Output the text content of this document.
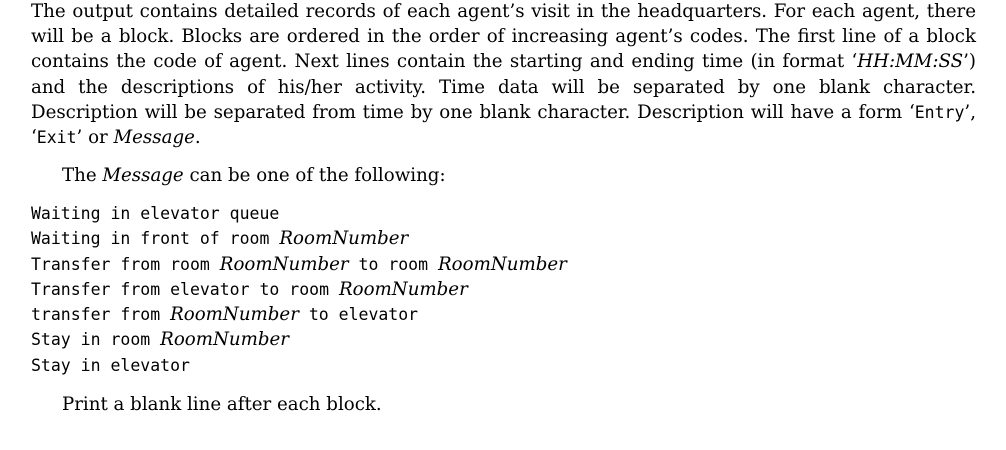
The output contains detailed records of each agent’s visit in the headquarters. For each agent, there will be a block. Blocks are ordered in the order of increasing agent’s codes. The first line of a block contains the code of agent. Next lines contain the starting and ending time (in format ‘HH:MM:SS’) and the descriptions of his/her activity. Time data will be separated by one blank character. Description will be separated from time by one blank character. Description will have a form ‘Entry’, ‘Exit’ or Message.

The Message can be one of the following:

Waiting in elevator queue
Waiting in front of room RoomNumber
Transfer from room RoomNumber to room RoomNumber
Transfer from elevator to room RoomNumber
transfer from RoomNumber to elevator
Stay in room RoomNumber
Stay in elevator

Print a blank line after each block.
